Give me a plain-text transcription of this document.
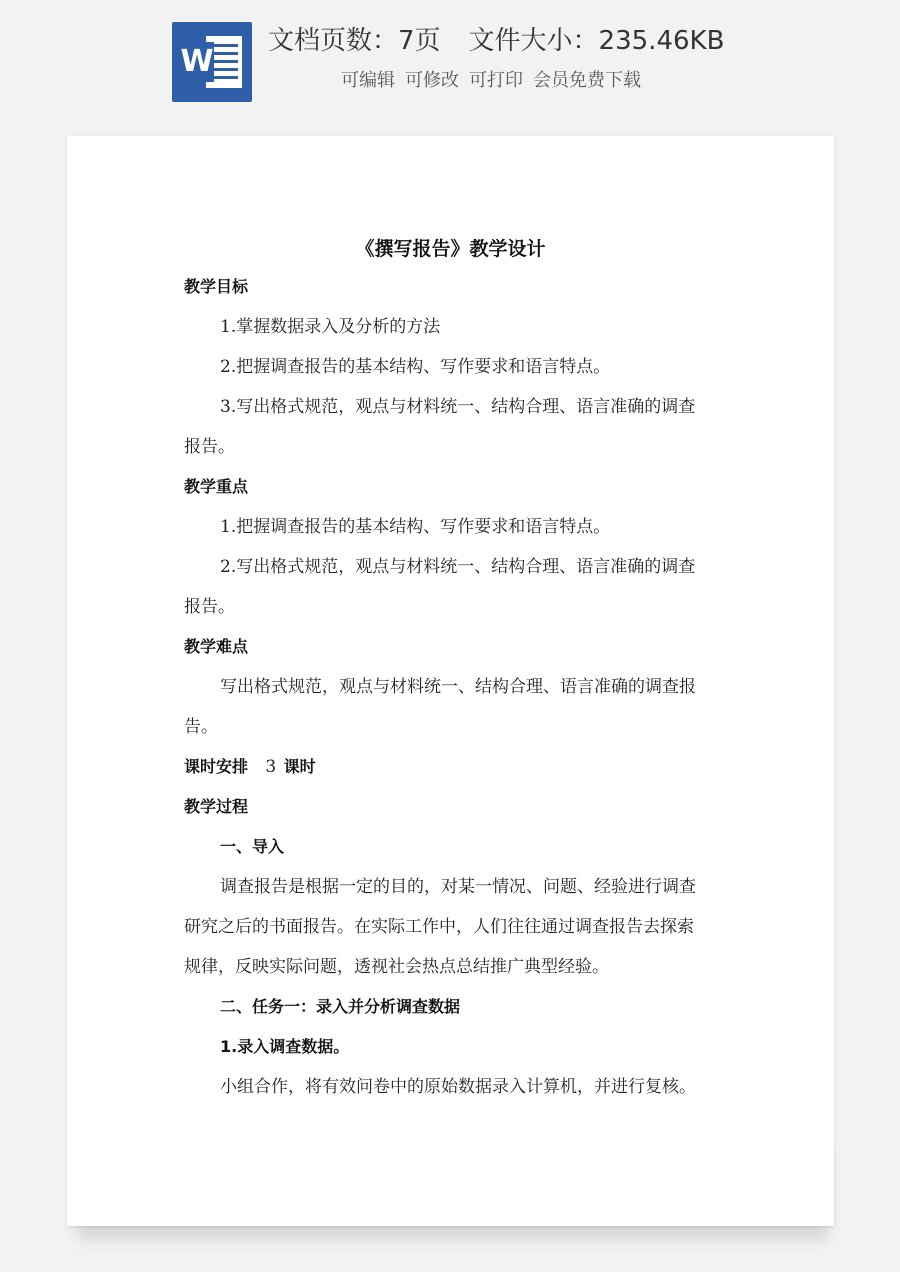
W
文档页数：7页 文件大小：235.46KB
可编辑 可修改 可打印 会员免费下载
《撰写报告》教学设计
教学目标
1.掌握数据录入及分析的方法
2.把握调查报告的基本结构、写作要求和语言特点。
3.写出格式规范，观点与材料统一、结构合理、语言准确的调查
报告。
教学重点
1.把握调查报告的基本结构、写作要求和语言特点。
2.写出格式规范，观点与材料统一、结构合理、语言准确的调查
报告。
教学难点
写出格式规范，观点与材料统一、结构合理、语言准确的调查报
告。
课时安排 3 课时
教学过程
一、导入
调查报告是根据一定的目的，对某一情况、问题、经验进行调查
研究之后的书面报告。在实际工作中，人们往往通过调查报告去探索
规律，反映实际问题，透视社会热点总结推广典型经验。
二、任务一：录入并分析调查数据
1.录入调查数据。
小组合作，将有效问卷中的原始数据录入计算机，并进行复核。
